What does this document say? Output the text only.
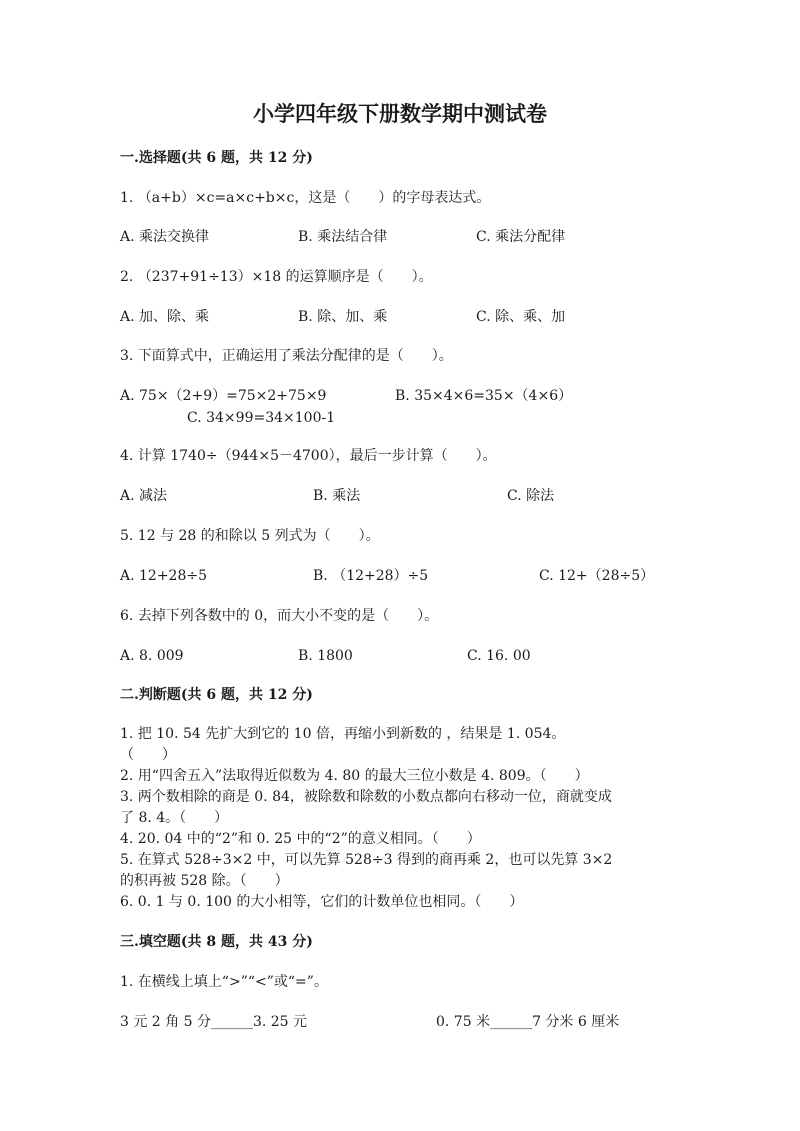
小学四年级下册数学期中测试卷
一.选择题(共 6 题，共 12 分)
1. （a+b）×c=a×c+b×c，这是（　　）的字母表达式。
A. 乘法交换律	B. 乘法结合律	C. 乘法分配律
2. （237+91÷13）×18 的运算顺序是（　　）。
A. 加、除、乘	B. 除、加、乘	C. 除、乘、加
3. 下面算式中，正确运用了乘法分配律的是（　　）。
A. 75×（2+9）=75×2+75×9	B. 35×4×6=35×（4×6）
C. 34×99=34×100-1
4. 计算 1740÷（944×5－4700），最后一步计算（　　）。
A. 减法	B. 乘法	C. 除法
5. 12 与 28 的和除以 5 列式为（　　）。
A. 12+28÷5	B. （12+28）÷5	C. 12+（28÷5）
6. 去掉下列各数中的 0，而大小不变的是（　　）。
A. 8. 009	B. 1800	C. 16. 00
二.判断题(共 6 题，共 12 分)
1. 把 10. 54 先扩大到它的 10 倍，再缩小到新数的 ，结果是 1. 054。
（　　）
2. 用“四舍五入”法取得近似数为 4. 80 的最大三位小数是 4. 809。（　　）
3. 两个数相除的商是 0. 84，被除数和除数的小数点都向右移动一位，商就变成
了 8. 4。（　　）
4. 20. 04 中的“2”和 0. 25 中的“2”的意义相同。（　　）
5. 在算式 528÷3×2 中，可以先算 528÷3 得到的商再乘 2，也可以先算 3×2
的积再被 528 除。（　　）
6. 0. 1 与 0. 100 的大小相等，它们的计数单位也相同。（　　）
三.填空题(共 8 题，共 43 分)
1. 在横线上填上“>”“<”或“=”。
3 元 2 角 5 分______3. 25 元	0. 75 米______7 分米 6 厘米
